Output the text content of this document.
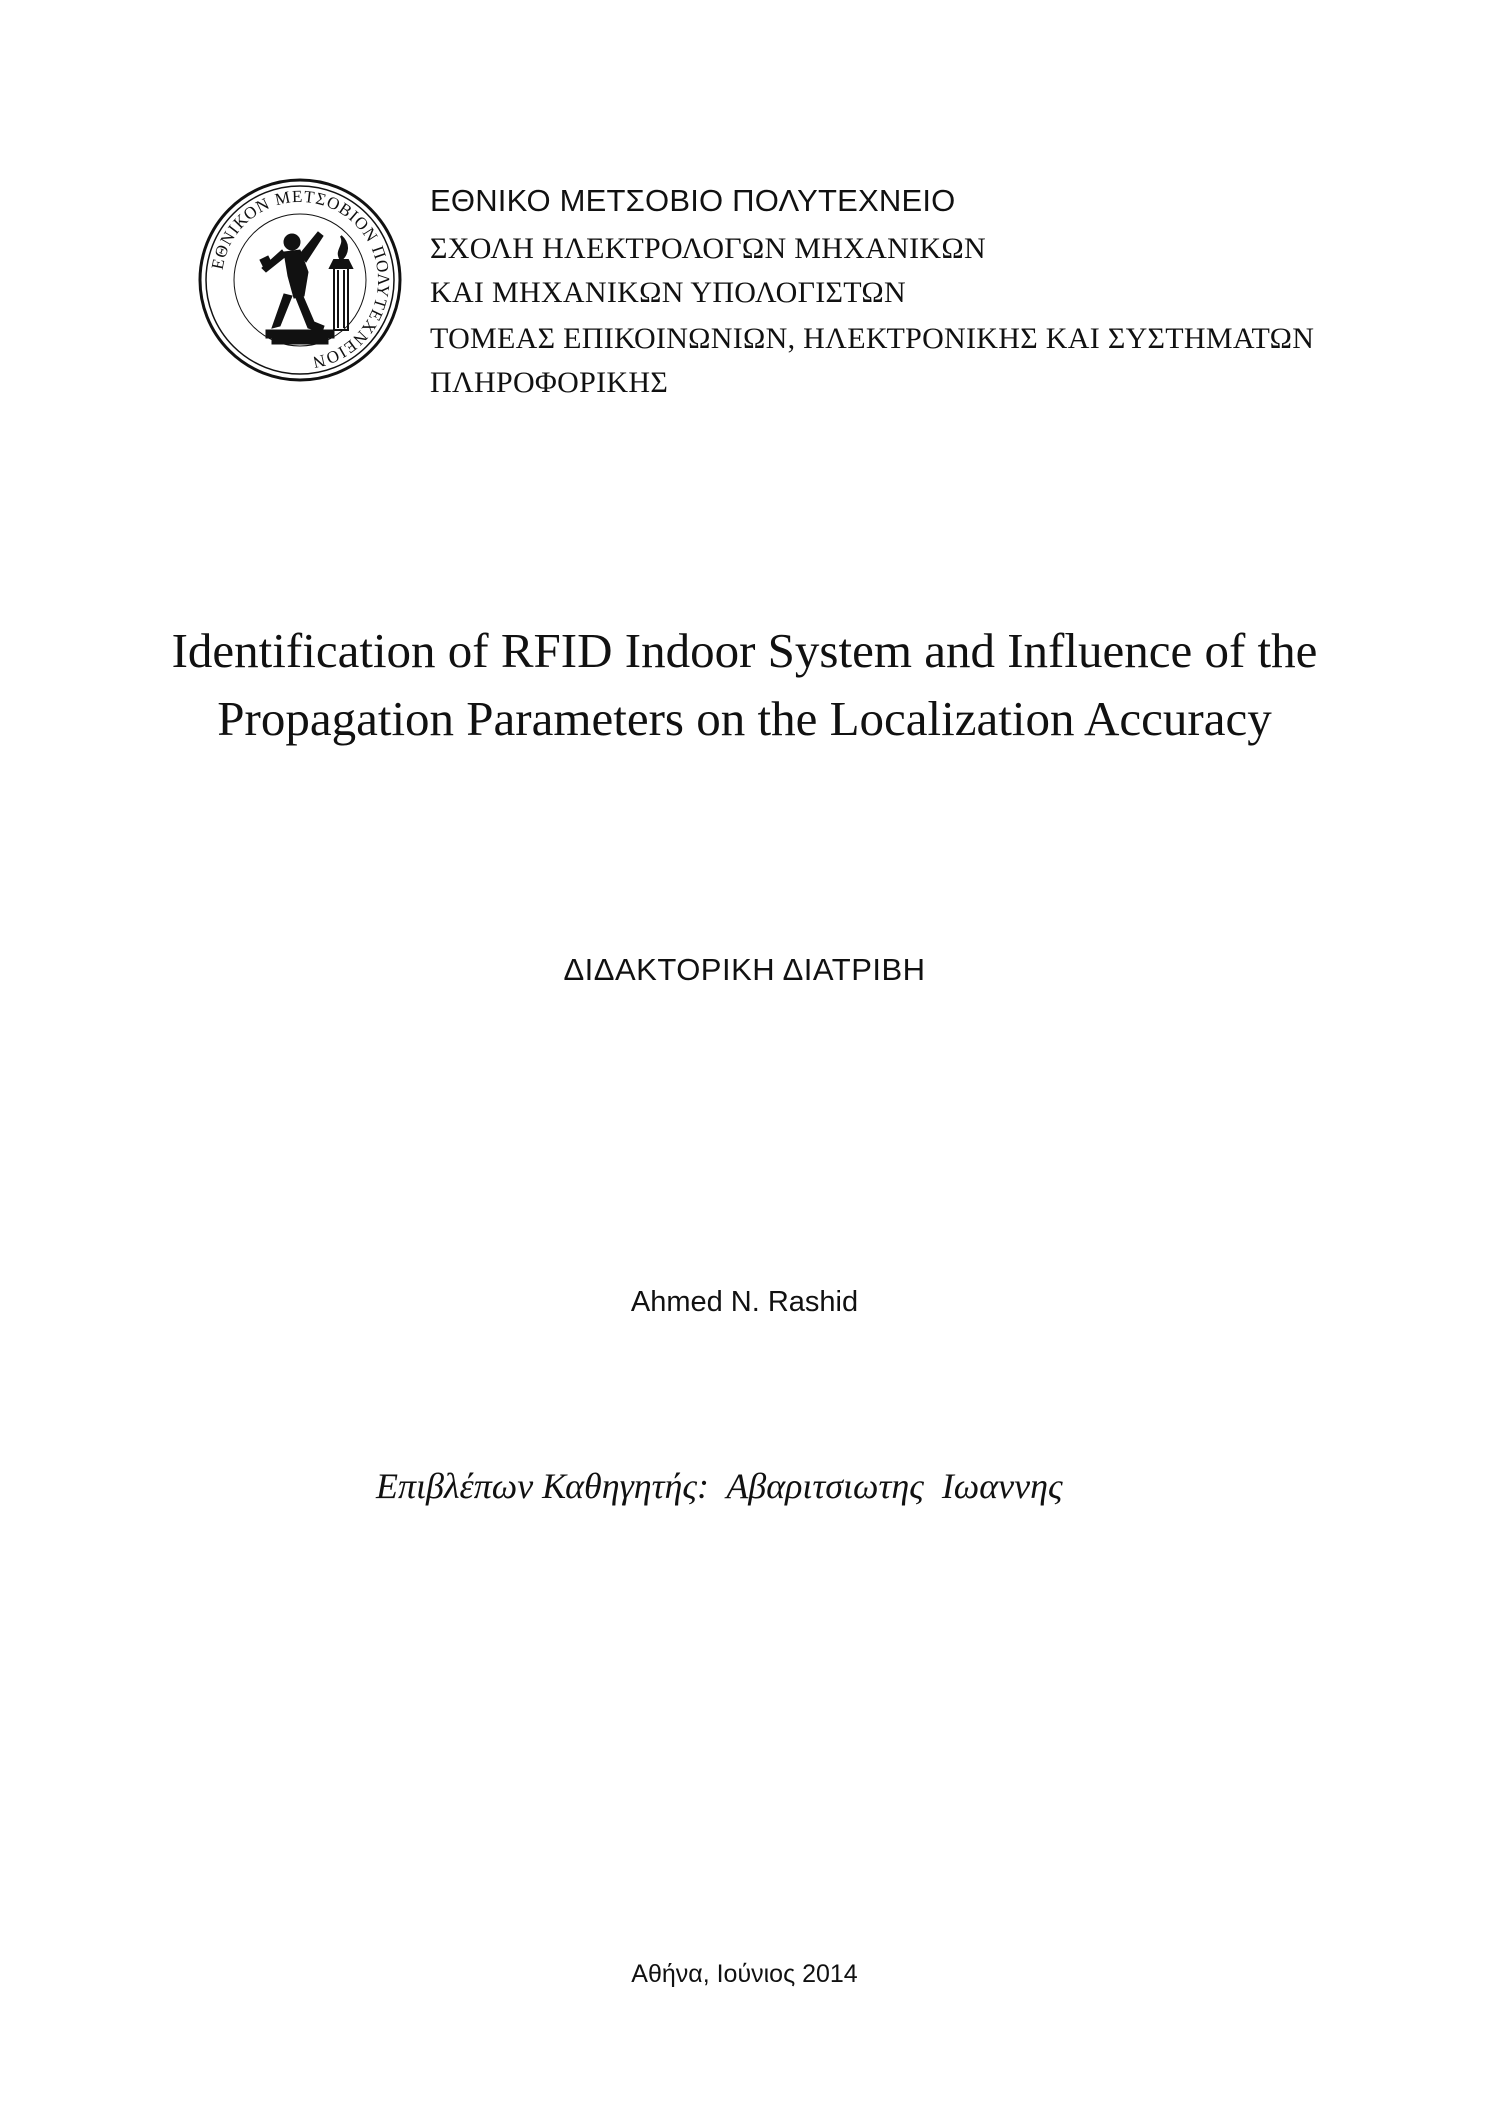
ΕΘΝΙΚΟΝ ΜΕΤΣΟΒΙΟΝ ΠΟΛΥΤΕΧΝΕΙΟΝ
ΕΘΝΙΚΟ ΜΕΤΣΟΒΙΟ ΠΟΛΥΤΕΧΝΕΙΟ
ΣΧΟΛΗ ΗΛΕΚΤΡΟΛΟΓΩΝ ΜΗΧΑΝΙΚΩΝ
ΚΑΙ ΜΗΧΑΝΙΚΩΝ ΥΠΟΛΟΓΙΣΤΩΝ
ΤΟΜΕΑΣ ΕΠΙΚΟΙΝΩΝΙΩΝ, ΗΛΕΚΤΡΟΝΙΚΗΣ ΚΑΙ ΣΥΣΤΗΜΑΤΩΝ
ΠΛΗΡΟΦΟΡΙΚΗΣ
Identification of RFID Indoor System and Influence of the
Propagation Parameters on the Localization Accuracy
ΔΙΔΑΚΤΟΡΙΚΗ ΔΙΑΤΡΙΒΗ
Ahmed N. Rashid
Επιβλέπων Καθηγητής:  Αβαριτσιωτης  Ιωαννης
Αθήνα, Ιούνιος 2014
